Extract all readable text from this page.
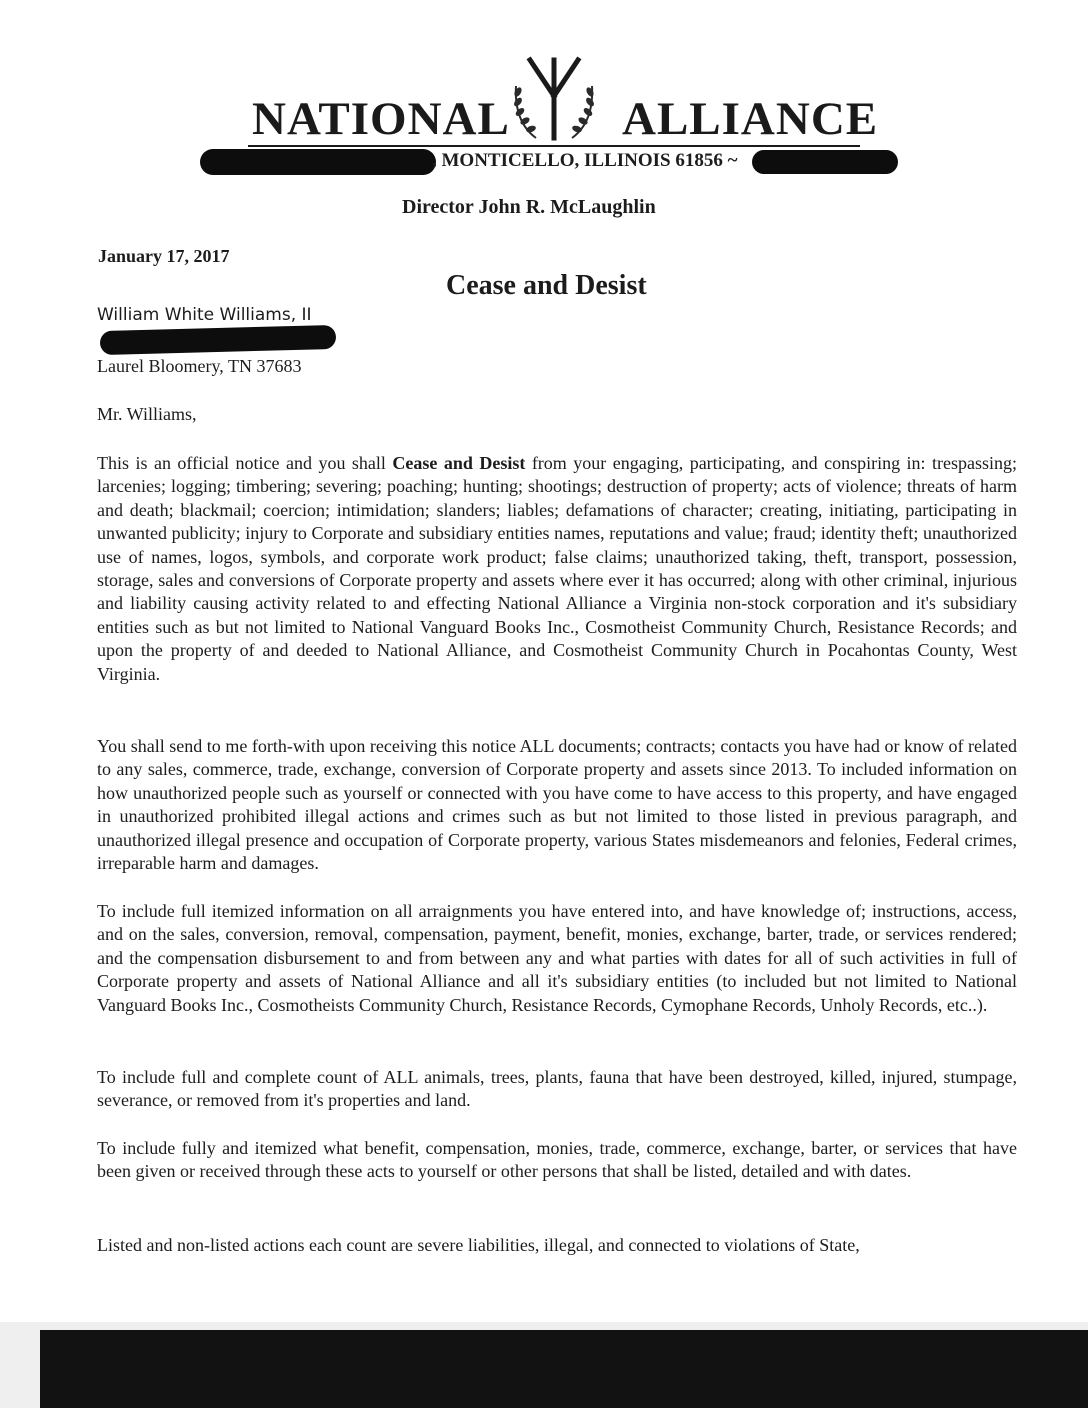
NATIONAL ALLIANCE
, MONTICELLO, ILLINOIS 61856 ~
Director John R. McLaughlin
January 17, 2017
Cease and Desist
William White Williams, II
Laurel Bloomery, TN 37683
Mr. Williams,

This is an official notice and you shall Cease and Desist from your engaging, participating, and conspiring in: trespassing; larcenies; logging; timbering; severing; poaching; hunting; shootings; destruction of property; acts of violence; threats of harm and death; blackmail; coercion; intimidation; slanders; liables; defamations of character; creating, initiating, participating in unwanted publicity; injury to Corporate and subsidiary entities names, reputations and value; fraud; identity theft; unauthorized use of names, logos, symbols, and corporate work product; false claims; unauthorized taking, theft, transport, possession, storage, sales and conversions of Corporate property and assets where ever it has occurred; along with other criminal, injurious and liability causing activity related to and effecting National Alliance a Virginia non-stock corporation and it's subsidiary entities such as but not limited to National Vanguard Books Inc., Cosmotheist Community Church, Resistance Records; and upon the property of and deeded to National Alliance, and Cosmotheist Community Church in Pocahontas County, West Virginia.

You shall send to me forth-with upon receiving this notice ALL documents; contracts; contacts you have had or know of related to any sales, commerce, trade, exchange, conversion of Corporate property and assets since 2013. To included information on how unauthorized people such as yourself or connected with you have come to have access to this property, and have engaged in unauthorized prohibited illegal actions and crimes such as but not limited to those listed in previous paragraph, and unauthorized illegal presence and occupation of Corporate property, various States misdemeanors and felonies, Federal crimes, irreparable harm and damages.

To include full itemized information on all arraignments you have entered into, and have knowledge of; instructions, access, and on the sales, conversion, removal, compensation, payment, benefit, monies, exchange, barter, trade, or services rendered; and the compensation disbursement to and from between any and what parties with dates for all of such activities in full of Corporate property and assets of National Alliance and all it's subsidiary entities (to included but not limited to National Vanguard Books Inc., Cosmotheists Community Church, Resistance Records, Cymophane Records, Unholy Records, etc..).

To include full and complete count of ALL animals, trees, plants, fauna that have been destroyed, killed, injured, stumpage, severance, or removed from it's properties and land.

To include fully and itemized what benefit, compensation, monies, trade, commerce, exchange, barter, or services that have been given or received through these acts to yourself or other persons that shall be listed, detailed and with dates.

Listed and non-listed actions each count are severe liabilities, illegal, and connected to violations of State,
